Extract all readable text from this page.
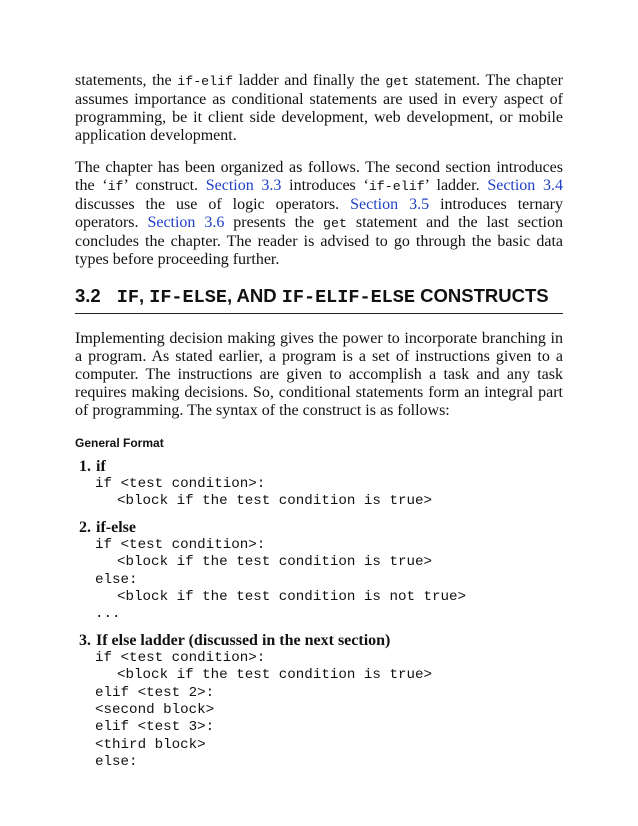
statements, the if-elif ladder and finally the get statement. The chapter assumes importance as conditional statements are used in every aspect of programming, be it client side development, web development, or mobile application development.

The chapter has been organized as follows. The second section introduces the ‘if’ construct. Section 3.3 introduces ‘if-elif’ ladder. Section 3.4 discusses the use of logic operators. Section 3.5 introduces ternary operators. Section 3.6 presents the get statement and the last section concludes the chapter. The reader is advised to go through the basic data types before proceeding further.

3.2 IF, IF-ELSE, AND IF-ELIF-ELSE CONSTRUCTS

Implementing decision making gives the power to incorporate branching in a program. As stated earlier, a program is a set of instructions given to a computer. The instructions are given to accomplish a task and any task requires making decisions. So, conditional statements form an integral part of programming. The syntax of the construct is as follows:

General Format
1. if
if <test condition>:
<block if the test condition is true>
2. if-else
if <test condition>:
<block if the test condition is true>
else:
<block if the test condition is not true>
...
3. If else ladder (discussed in the next section)
if <test condition>:
<block if the test condition is true>
elif <test 2>:
<second block>
elif <test 3>:
<third block>
else:
